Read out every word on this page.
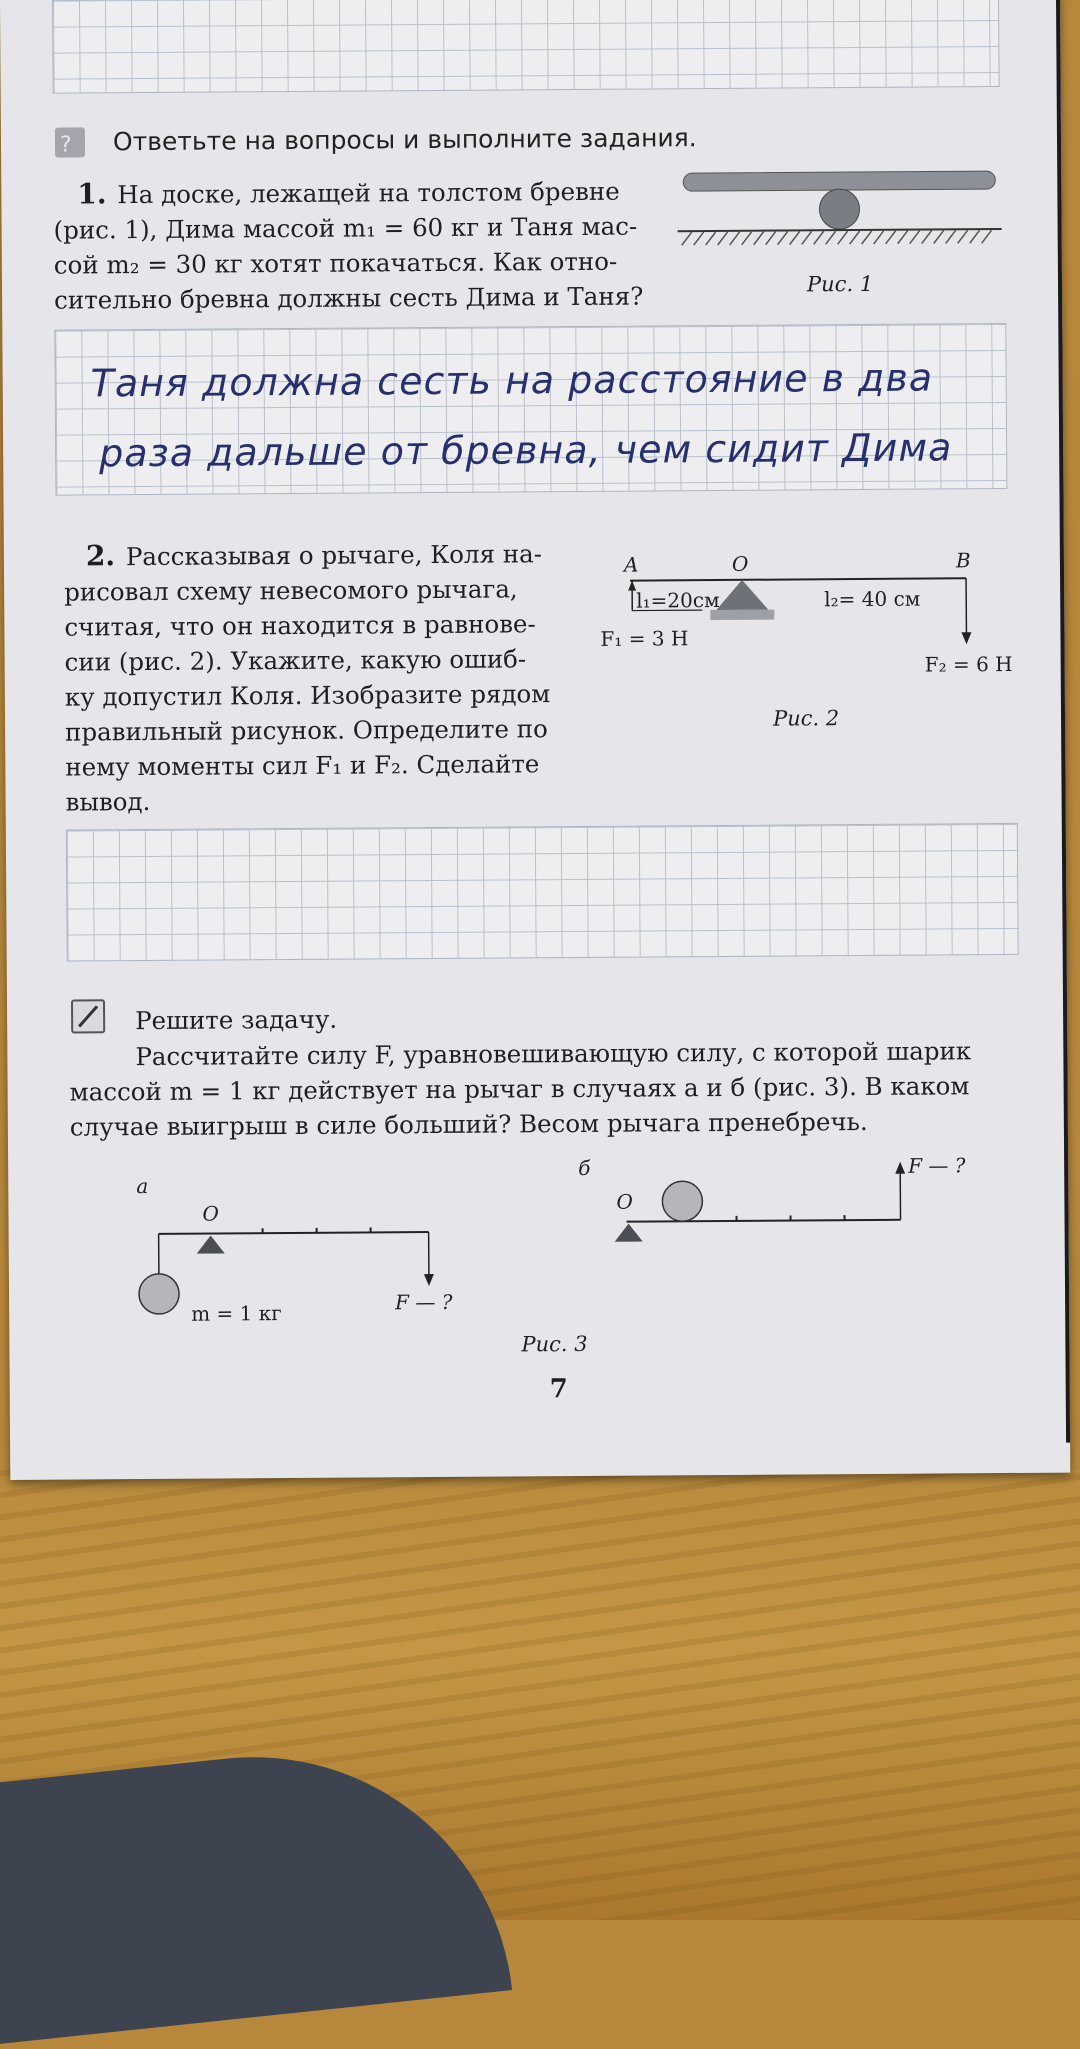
? Ответьте на вопросы и выполните задания.

1. На доске, лежащей на толстом бревне
(рис. 1), Дима массой m₁ = 60 кг и Таня мас-
сой m₂ = 30 кг хотят покачаться. Как отно-
сительно бревна должны сесть Дима и Таня?	Рис. 1

Таня должна сесть на расстояние в два
раза дальше от бревна, чем сидит Дима

2. Рассказывая о рычаге, Коля на-
рисовал схему невесомого рычага,
считая, что он находится в равнове-
сии (рис. 2). Укажите, какую ошиб-
ку допустил Коля. Изобразите рядом
правильный рисунок. Определите по
нему моменты сил F₁ и F₂. Сделайте
вывод.

A	O	B

l₁=20см	l₂= 40 см

F₁ = 3 Н

F₂ = 6 Н

Рис. 2

Решите задачу.

Рассчитайте силу F, уравновешивающую силу, с которой шарик
массой m = 1 кг действует на рычаг в случаях а и б (рис. 3). В каком
случае выигрыш в силе больший? Весом рычага пренебречь.

а

O

m = 1 кг	F — ?

б

O

F — ?

Рис. 3

7
